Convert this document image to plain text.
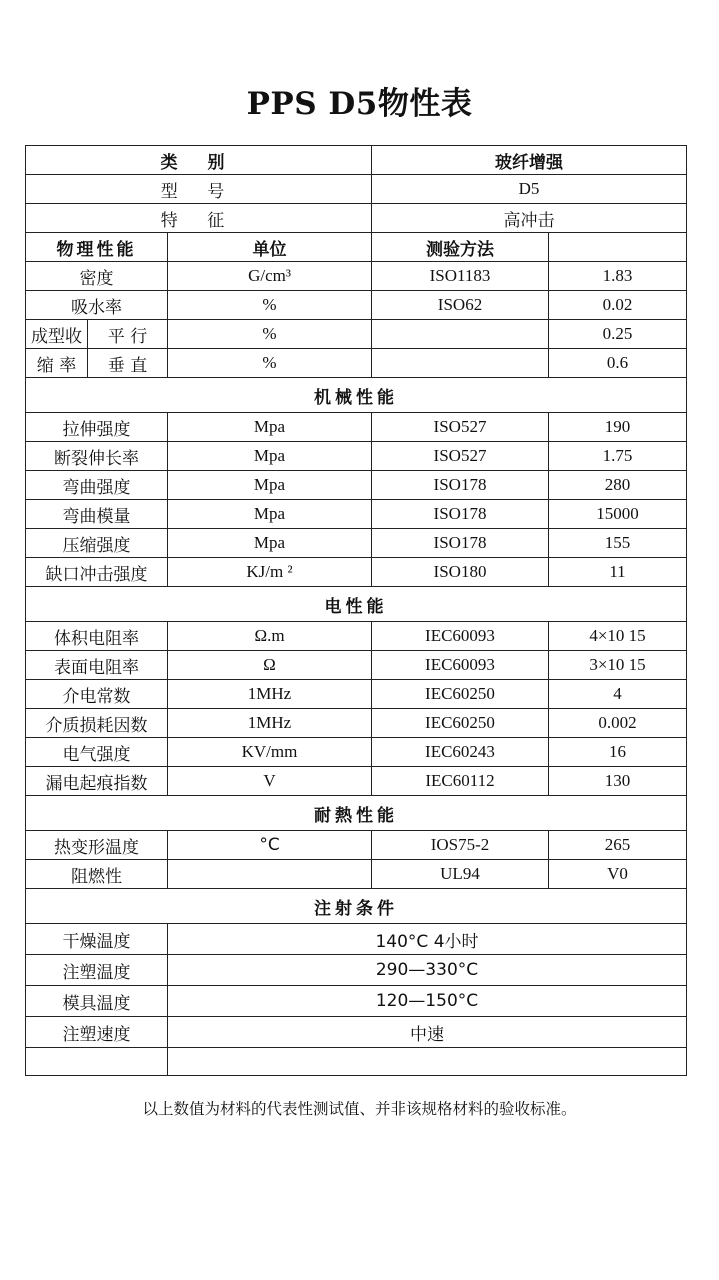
PPS D5物性表
类 别			玻纤增强	
型 号			D5	
特 征			高冲击	
物理性能		单位	测验方法	
密度		G/cm³	ISO1183	1.83
吸水率		%	ISO62	0.02
成型收	平 行	%		0.25
缩 率	垂 直	%		0.6
机械性能				
拉伸强度		Mpa	ISO527	190
断裂伸长率		Mpa	ISO527	1.75
弯曲强度		Mpa	ISO178	280
弯曲模量		Mpa	ISO178	15000
压缩强度		Mpa	ISO178	155
缺口冲击强度		KJ/m ²	ISO180	11
电性能				
体积电阻率		Ω.m	IEC60093	4×10 15
表面电阻率		Ω	IEC60093	3×10 15
介电常数		1MHz	IEC60250	4
介质损耗因数		1MHz	IEC60250	0.002
电气强度		KV/mm	IEC60243	16
漏电起痕指数		V	IEC60112	130
耐熱性能				
热变形温度		°C	IOS75-2	265
阻燃性			UL94	V0
注射条件				
干燥温度		140°C 4小时		
注塑温度		290—330°C		
模具温度		120—150°C		
注塑速度		中速		

以上数值为材料的代表性测试值、并非该规格材料的验收标准。
